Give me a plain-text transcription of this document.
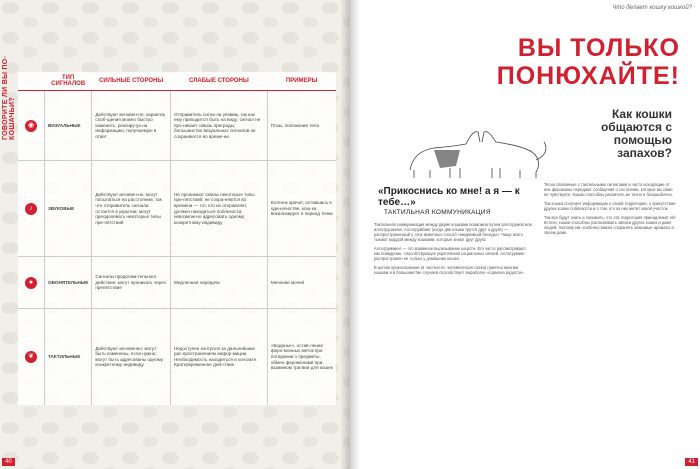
ГОВОРИТЕ ЛИ ВЫ ПО-КОШАЧЬИ?
	ТИП СИГНАЛОВ	СИЛЬНЫЕ СТОРОНЫ	СЛАБЫЕ СТОРОНЫ	ПРИМЕРЫ
◉	ВИЗУАЛЬНЫЕ	Действуют мгновен-но; характер сооб-щения можно быстро изменить, реагиру-ya на информацию, получаемую в ответ	Отправитель сигна-ла уязвим, так как ему приходится быть на виду; сигнал не про-никает сквозь преграды; большинство визуальных сигналов не сохраняются во време-ни	Позы, положение тела
♪	ЗВУКОВЫЕ	Действуют мгновен-но, могут посылаться на расстоянии, так что отправитель сигнала остается в укрытии; могут преодолевать некоторые типы пре-пятствий	Не проникают сквозь некоторые типы пре-пятствий; не сохра-няются во времени — тот, кто их отправляет, должен находиться поблизости; невозмож-но адресовать одному конкретному индивиду	Котенок кричит, оставшись в оди-ночестве, кош-ка вокализирует в период течки
●	ОБОНЯТЕЛЬНЫЕ	Сигналы продолжи-тельного действия; могут проникать через препятствие	Медленная передача	Мечение мочей
❦	ТАКТИЛЬНЫЕ	Действуют мгновенно; могут быть изменены, если нужно; могут быть адресованы одному конкретному индивиду	Недоступен контроля за дальнейшим рас-пространением инфор-мации. Необходимость находиться в контакте. Кратковременное дей-ствие	«Боданье», остав-ление феро-монных меток при потирании о предметы, обмен феромонами при взаимном тра-вии для кошек
40
Что делает кошку кошкой?
41
ВЫ ТОЛЬКО
ПОНЮХАЙТЕ!
Как кошки общаются с помощью запахов?
«Прикоснись ко мне! а я — к тебе…»
ТАКТИЛЬНАЯ КОММУНИКАЦИЯ

Тактильная коммуникация между двумя кошками возможна путем аллогрумов или аллотрушения. Аллогрумбинг (когда две кошки трутся друг о друга) — распространенный у этих животных способ «медвежьей беседы». Чаще всего тыкают мордой между кошками, которые знают друг друга.

Аллогрумминг — это взаимное вылизывание шерсти. Его часто рассматривают как поведение, способствующее укреплению социальных связей. Аллогруминг распространен не только у домашних кошек.

В целом прикосновение (в частности, человеческая ласка) приятно многим кошкам и в большинстве случаев способствует выработке «гормона радости».

Тесно связанные с тактильными сигналами и часто исходящие от них феромоны передают сообщения о состоянии, которое вы сами не чувствуете. Кошки способны различать их точно и безошибочно.

Так кошка получает информацию о своей территории, о присутствии других кошек поблизости и о том, кто из них метит какой участок.

Так все будут знать и понимать, что эта территория принадлежит ей! Кстати, кошки способны распознавать запахи других кошек и даже людей, поэтому им особенно важно сохранять знакомые ароматы в своем доме.
